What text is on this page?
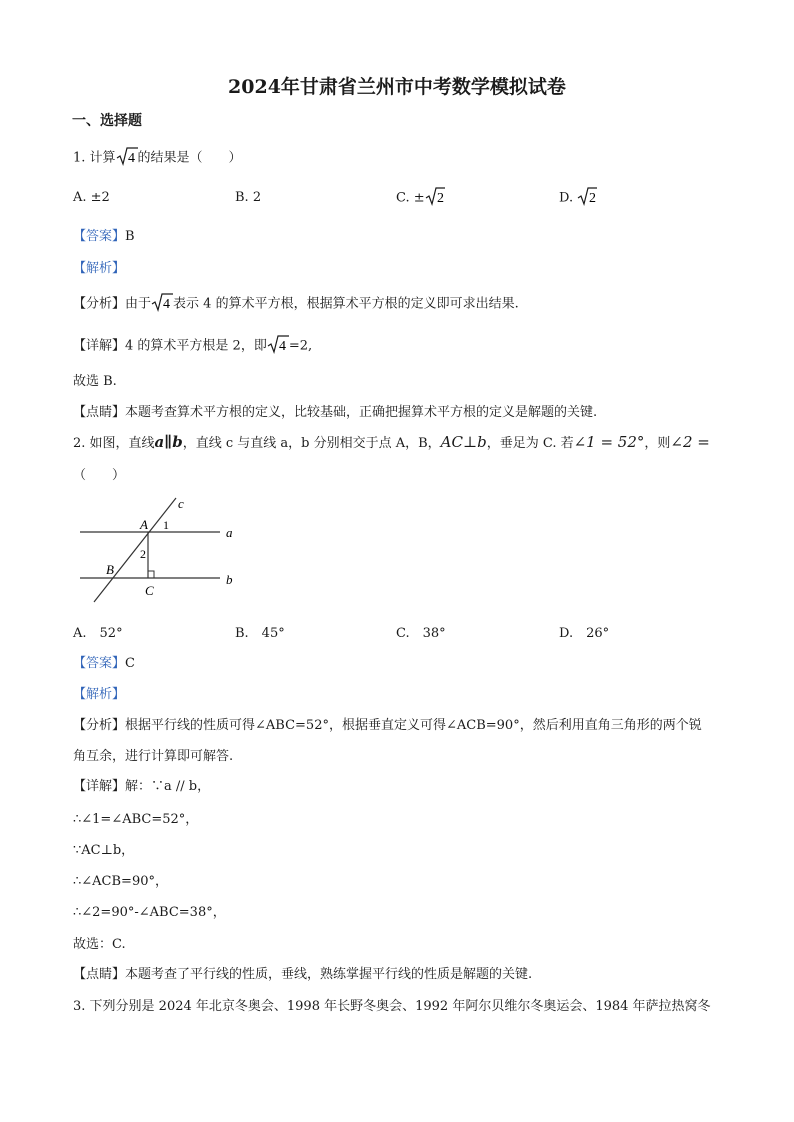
2024年甘肃省兰州市中考数学模拟试卷
一、选择题
1. 计算 4 的结果是（　　）
A. ±2	B. 2	C. ± 2	D. 2
【答案】B
【解析】
【分析】由于 4 表示 4 的算术平方根，根据算术平方根的定义即可求出结果.
【详解】4 的算术平方根是 2，即 4 =2,
故选 B.
【点睛】本题考查算术平方根的定义，比较基础，正确把握算术平方根的定义是解题的关键.
2. 如图，直线a∥b，直线 c 与直线 a，b 分别相交于点 A，B，AC⊥b，垂足为 C. 若∠1 = 52°，则∠2 =
（　　）
c
a
b
A
B
C
1
2
A.　52°	B.　45°	C.　38°	D.　26°
【答案】C
【解析】
【分析】根据平行线的性质可得∠ABC=52°，根据垂直定义可得∠ACB=90°，然后利用直角三角形的两个锐
角互余，进行计算即可解答.
【详解】解：∵a // b，
∴∠1=∠ABC=52°，
∵AC⊥b，
∴∠ACB=90°，
∴∠2=90°-∠ABC=38°，
故选：C.
【点睛】本题考查了平行线的性质，垂线，熟练掌握平行线的性质是解题的关键.
3. 下列分别是 2024 年北京冬奥会、1998 年长野冬奥会、1992 年阿尔贝维尔冬奥运会、1984 年萨拉热窝冬
